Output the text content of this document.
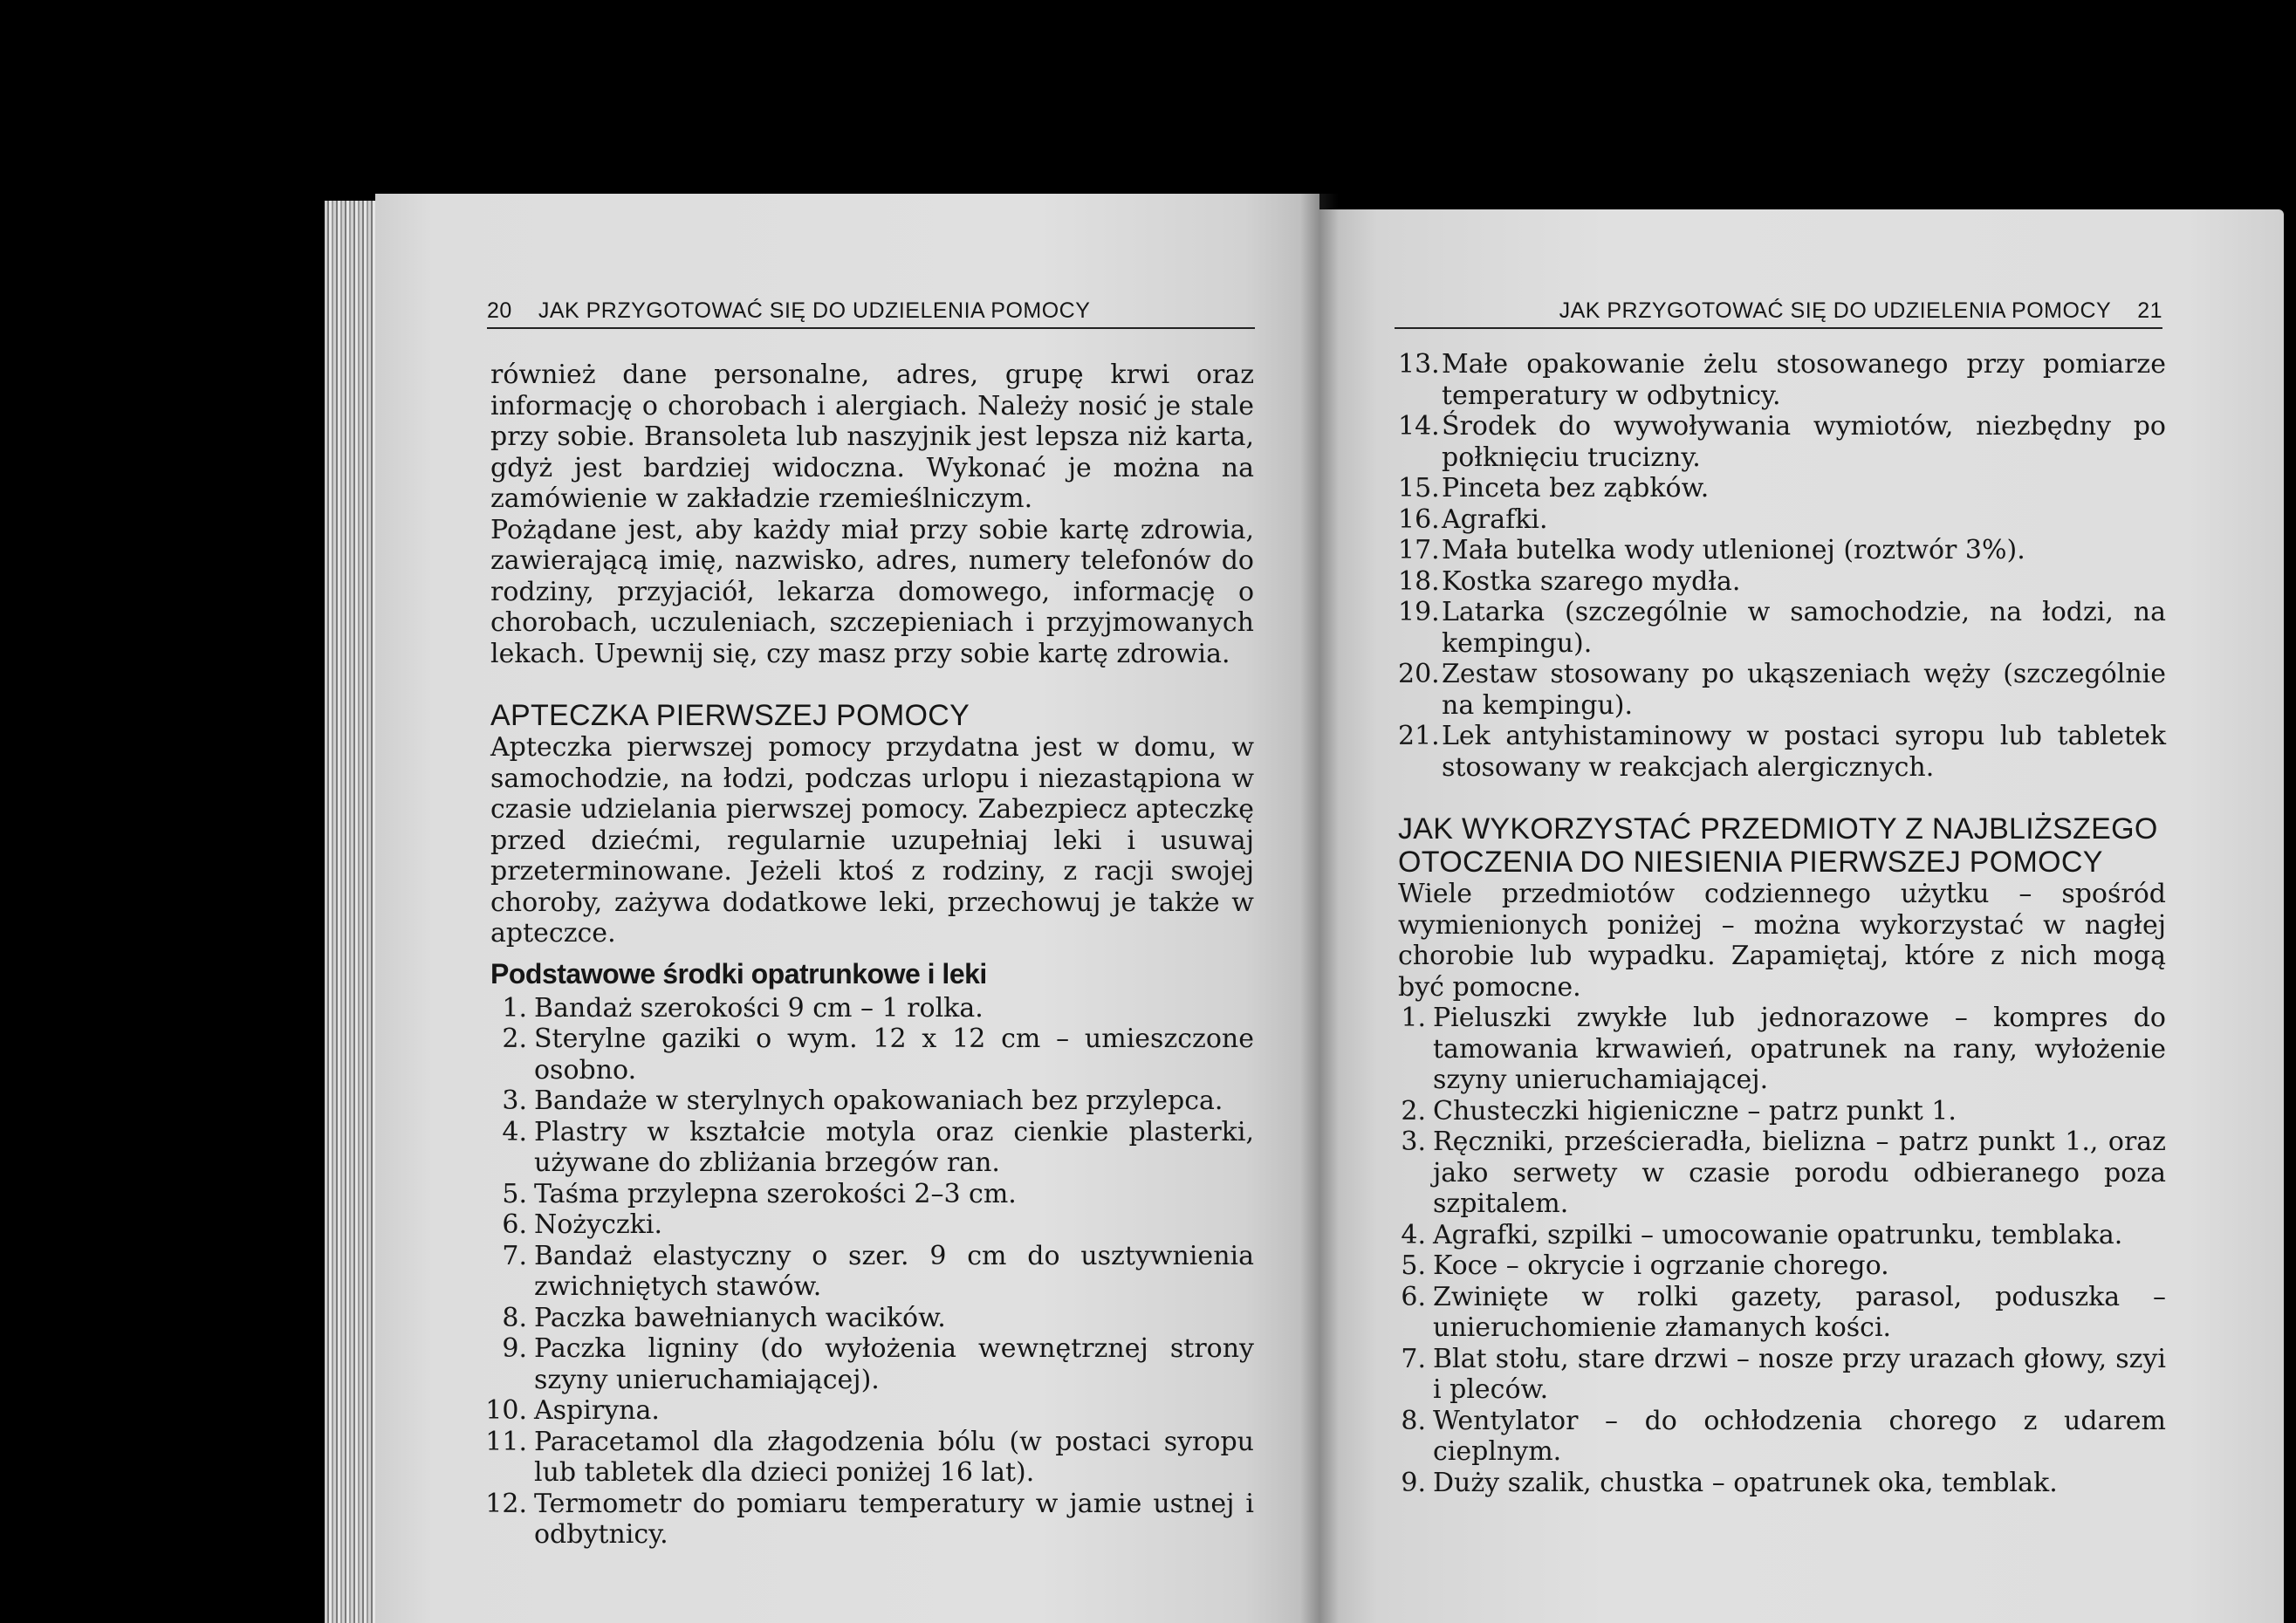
20 JAK PRZYGOTOWAĆ SIĘ DO UDZIELENIA POMOCY

również dane personalne, adres, grupę krwi oraz informację o chorobach i alergiach. Należy nosić je stale przy sobie. Bransoleta lub naszyjnik jest lepsza niż karta, gdyż jest bardziej widoczna. Wykonać je można na zamówienie w zakładzie rzemieślniczym.

Pożądane jest, aby każdy miał przy sobie kartę zdrowia, zawierającą imię, nazwisko, adres, numery telefonów do rodziny, przyjaciół, lekarza domowego, informację o chorobach, uczuleniach, szczepieniach i przyjmowanych lekach. Upewnij się, czy masz przy sobie kartę zdrowia.

APTECZKA PIERWSZEJ POMOCY

Apteczka pierwszej pomocy przydatna jest w domu, w samochodzie, na łodzi, podczas urlopu i niezastąpiona w czasie udzielania pierwszej pomocy. Zabezpiecz apteczkę przed dziećmi, regularnie uzupełniaj leki i usuwaj przeterminowane. Jeżeli ktoś z rodziny, z racji swojej choroby, zażywa dodatkowe leki, przechowuj je także w apteczce.

Podstawowe środki opatrunkowe i leki
1. Bandaż szerokości 9 cm – 1 rolka.
2. Sterylne gaziki o wym. 12 x 12 cm – umieszczone osobno.
3. Bandaże w sterylnych opakowaniach bez przylepca.
4. Plastry w kształcie motyla oraz cienkie plasterki, używane do zbliżania brzegów ran.
5. Taśma przylepna szerokości 2–3 cm.
6. Nożyczki.
7. Bandaż elastyczny o szer. 9 cm do usztywnienia zwichniętych stawów.
8. Paczka bawełnianych wacików.
9. Paczka ligniny (do wyłożenia wewnętrznej strony szyny unieruchamiającej).
10. Aspiryna.
11. Paracetamol dla złagodzenia bólu (w postaci syropu lub tabletek dla dzieci poniżej 16 lat).
12. Termometr do pomiaru temperatury w jamie ustnej i odbytnicy.
JAK PRZYGOTOWAĆ SIĘ DO UDZIELENIA POMOCY 21
13. Małe opakowanie żelu stosowanego przy pomiarze temperatury w odbytnicy.
14. Środek do wywoływania wymiotów, niezbędny po połknięciu trucizny.
15. Pinceta bez ząbków.
16. Agrafki.
17. Mała butelka wody utlenionej (roztwór 3%).
18. Kostka szarego mydła.
19. Latarka (szczególnie w samochodzie, na łodzi, na kempingu).
20. Zestaw stosowany po ukąszeniach węży (szczególnie na kempingu).
21. Lek antyhistaminowy w postaci syropu lub tabletek stosowany w reakcjach alergicznych.
JAK WYKORZYSTAĆ PRZEDMIOTY Z NAJBLIŻSZEGO OTOCZENIA DO NIESIENIA PIERWSZEJ POMOCY

Wiele przedmiotów codziennego użytku – spośród wymienionych poniżej – można wykorzystać w nagłej chorobie lub wypadku. Zapamiętaj, które z nich mogą być pomocne.

1. Pieluszki zwykłe lub jednorazowe – kompres do tamowania krwawień, opatrunek na rany, wyłożenie szyny unieruchamiającej.
2. Chusteczki higieniczne – patrz punkt 1.
3. Ręczniki, prześcieradła, bielizna – patrz punkt 1., oraz jako serwety w czasie porodu odbieranego poza szpitalem.
4. Agrafki, szpilki – umocowanie opatrunku, temblaka.
5. Koce – okrycie i ogrzanie chorego.
6. Zwinięte w rolki gazety, parasol, poduszka – unieruchomienie złamanych kości.
7. Blat stołu, stare drzwi – nosze przy urazach głowy, szyi i pleców.
8. Wentylator – do ochłodzenia chorego z udarem cieplnym.
9. Duży szalik, chustka – opatrunek oka, temblak.
